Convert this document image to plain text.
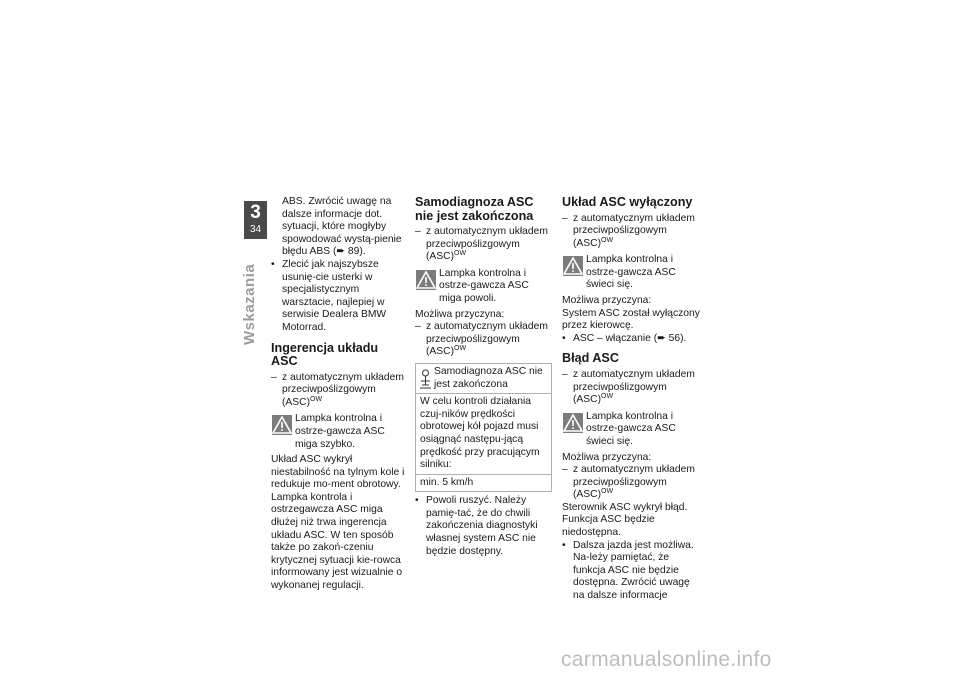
3
34
Wskazania
ABS. Zwrócić uwagę na dalsze informacje dot. sytuacji, które mogłyby spowodować wystą-pienie błędu ABS (➨ 89).
• Zlecić jak najszybsze usunię-cie usterki w specjalistycznym warsztacie, najlepiej w serwisie Dealera BMW Motorrad.
Ingerencja układu ASC
– z automatycznym układem przeciwpoślizgowym (ASC)$^{OW}$
Lampka kontrolna i ostrze-gawcza ASC miga szybko.
Układ ASC wykrył niestabilność na tylnym kole i redukuje mo-ment obrotowy. Lampka kontrola i ostrzegawcza ASC miga dłużej niż trwa ingerencja układu ASC. W ten sposób także po zakoń-czeniu krytycznej sytuacji kie-rowca informowany jest wizualnie o wykonanej regulacji.
Samodiagnoza ASC nie jest zakończona
– z automatycznym układem przeciwpoślizgowym (ASC)$^{OW}$
Lampka kontrolna i ostrze-gawcza ASC miga powoli.
Możliwa przyczyna:
– z automatycznym układem przeciwpoślizgowym (ASC)$^{OW}$
Samodiagnoza ASC nie jest zakończona
W celu kontroli działania czuj-ników prędkości obrotowej kół pojazd musi osiągnąć następu-jącą prędkość przy pracującym silniku:
min. 5 km/h
• Powoli ruszyć. Należy pamię-tać, że do chwili zakończenia diagnostyki własnej system ASC nie będzie dostępny.
Układ ASC wyłączony
– z automatycznym układem przeciwpoślizgowym (ASC)$^{OW}$
Lampka kontrolna i ostrze-gawcza ASC świeci się.
Możliwa przyczyna:
System ASC został wyłączony przez kierowcę.
• ASC – włączanie (➨ 56).
Błąd ASC
– z automatycznym układem przeciwpoślizgowym (ASC)$^{OW}$
Lampka kontrolna i ostrze-gawcza ASC świeci się.
Możliwa przyczyna:
– z automatycznym układem przeciwpoślizgowym (ASC)$^{OW}$
Sterownik ASC wykrył błąd. Funkcja ASC będzie niedostępna.
• Dalsza jazda jest możliwa. Na-leży pamiętać, że funkcja ASC nie będzie dostępna. Zwrócić uwagę na dalsze informacje
carmanualsonline.info
